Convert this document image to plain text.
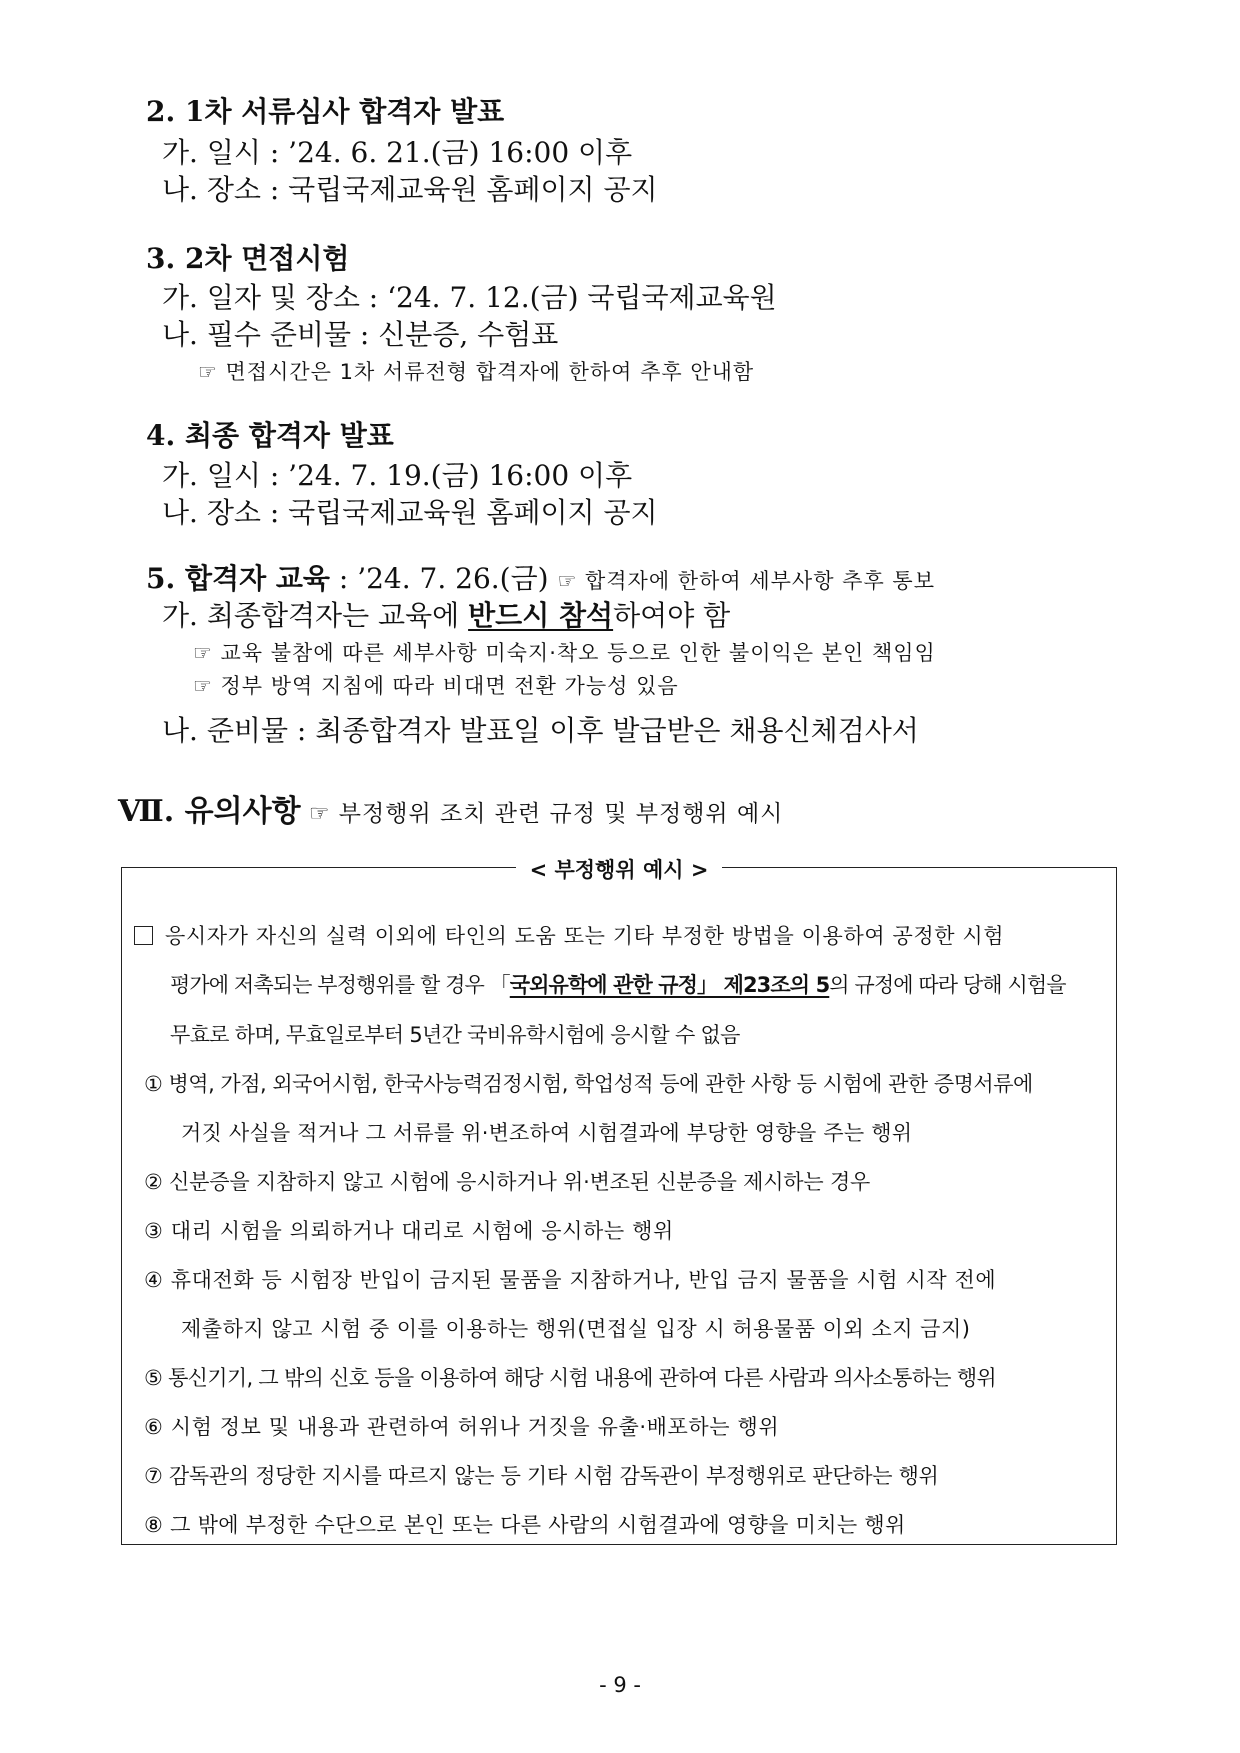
2. 1차 서류심사 합격자 발표
가. 일시 : ’24. 6. 21.(금) 16:00 이후
나. 장소 : 국립국제교육원 홈페이지 공지
3. 2차 면접시험
가. 일자 및 장소 : ‘24. 7. 12.(금) 국립국제교육원
나. 필수 준비물 : 신분증, 수험표
☞ 면접시간은 1차 서류전형 합격자에 한하여 추후 안내함
4. 최종 합격자 발표
가. 일시 : ’24. 7. 19.(금) 16:00 이후
나. 장소 : 국립국제교육원 홈페이지 공지
5. 합격자 교육 : ’24. 7. 26.(금) ☞ 합격자에 한하여 세부사항 추후 통보
가. 최종합격자는 교육에 반드시 참석하여야 함
☞ 교육 불참에 따른 세부사항 미숙지·착오 등으로 인한 불이익은 본인 책임임
☞ 정부 방역 지침에 따라 비대면 전환 가능성 있음
나. 준비물 : 최종합격자 발표일 이후 발급받은 채용신체검사서
Ⅶ. 유의사항 ☞ 부정행위 조치 관련 규정 및 부정행위 예시
< 부정행위 예시 >
응시자가 자신의 실력 이외에 타인의 도움 또는 기타 부정한 방법을 이용하여 공정한 시험
평가에 저촉되는 부정행위를 할 경우 「국외유학에 관한 규정」 제23조의 5의 규정에 따라 당해 시험을
무효로 하며, 무효일로부터 5년간 국비유학시험에 응시할 수 없음
① 병역, 가점, 외국어시험, 한국사능력검정시험, 학업성적 등에 관한 사항 등 시험에 관한 증명서류에
거짓 사실을 적거나 그 서류를 위·변조하여 시험결과에 부당한 영향을 주는 행위
② 신분증을 지참하지 않고 시험에 응시하거나 위·변조된 신분증을 제시하는 경우
③ 대리 시험을 의뢰하거나 대리로 시험에 응시하는 행위
④ 휴대전화 등 시험장 반입이 금지된 물품을 지참하거나, 반입 금지 물품을 시험 시작 전에
제출하지 않고 시험 중 이를 이용하는 행위(면접실 입장 시 허용물품 이외 소지 금지)
⑤ 통신기기, 그 밖의 신호 등을 이용하여 해당 시험 내용에 관하여 다른 사람과 의사소통하는 행위
⑥ 시험 정보 및 내용과 관련하여 허위나 거짓을 유출·배포하는 행위
⑦ 감독관의 정당한 지시를 따르지 않는 등 기타 시험 감독관이 부정행위로 판단하는 행위
⑧ 그 밖에 부정한 수단으로 본인 또는 다른 사람의 시험결과에 영향을 미치는 행위
- 9 -
